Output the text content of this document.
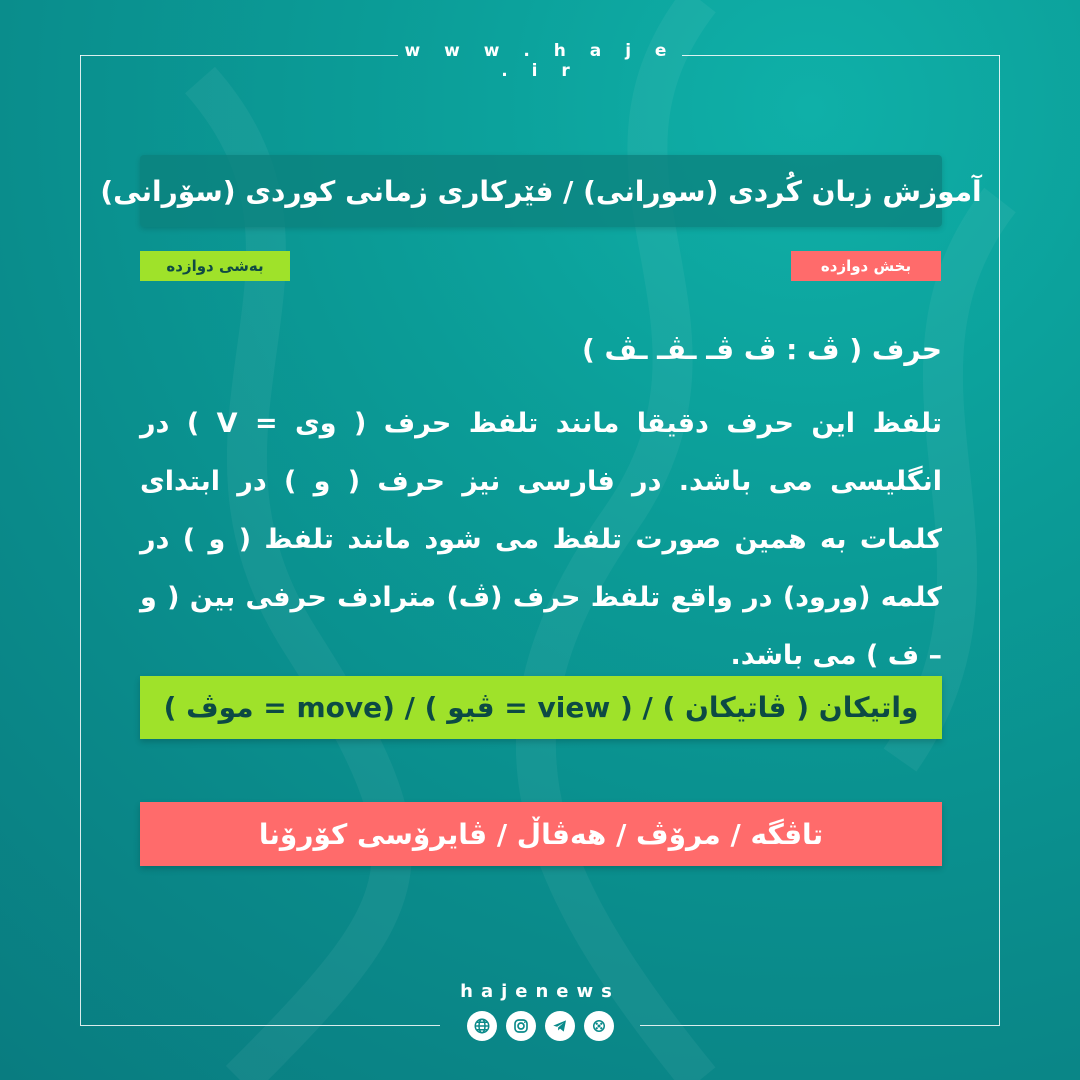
w w w . h a j e . i r
آموزش زبان کُردی (سورانی) / فێرکاری زمانی کوردی (سۆرانی)
بەشی دوازدە	بخش دوازده
حرف ( ڤ : ڤ ڤـ ـڤـ ـڤ )
تلفظ این حرف دقیقا مانند تلفظ حرف ( وی = V ) در انگلیسی می باشد. در فارسی نیز حرف ( و ) در ابتدای کلمات به همین صورت تلفظ می شود مانند تلفظ ( و ) در کلمه (ورود) در واقع تلفظ حرف (ڤ) مترادف حرفی بین ( و – ف ) می باشد.
واتیکان ( ڤاتیکان ) / ( view = ڤیو ) / (move = موڤ )
تاڤگە / مرۆڤ / هەڤاڵ / ڤایرۆسی کۆرۆنا
hajenews
